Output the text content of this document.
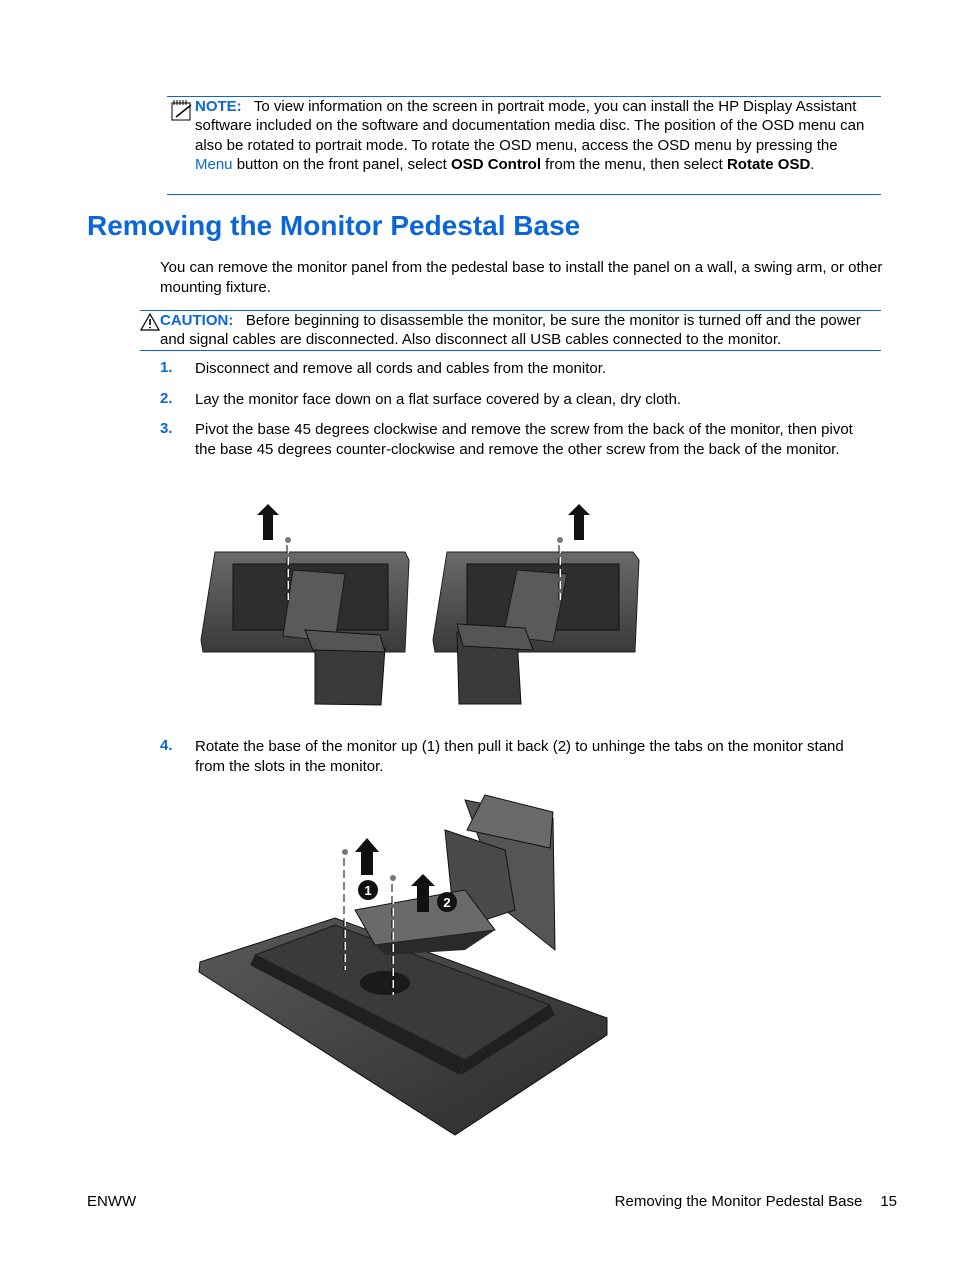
NOTE:   To view information on the screen in portrait mode, you can install the HP Display Assistant software included on the software and documentation media disc. The position of the OSD menu can also be rotated to portrait mode. To rotate the OSD menu, access the OSD menu by pressing the Menu button on the front panel, select OSD Control from the menu, then select Rotate OSD.
Removing the Monitor Pedestal Base
You can remove the monitor panel from the pedestal base to install the panel on a wall, a swing arm, or other mounting fixture.
CAUTION:   Before beginning to disassemble the monitor, be sure the monitor is turned off and the power and signal cables are disconnected. Also disconnect all USB cables connected to the monitor.
1. Disconnect and remove all cords and cables from the monitor.
2. Lay the monitor face down on a flat surface covered by a clean, dry cloth.
3. Pivot the base 45 degrees clockwise and remove the screw from the back of the monitor, then pivot the base 45 degrees counter-clockwise and remove the other screw from the back of the monitor.
4. Rotate the base of the monitor up (1) then pull it back (2) to unhinge the tabs on the monitor stand from the slots in the monitor.
1
2
ENWW	Removing the Monitor Pedestal Base 15
